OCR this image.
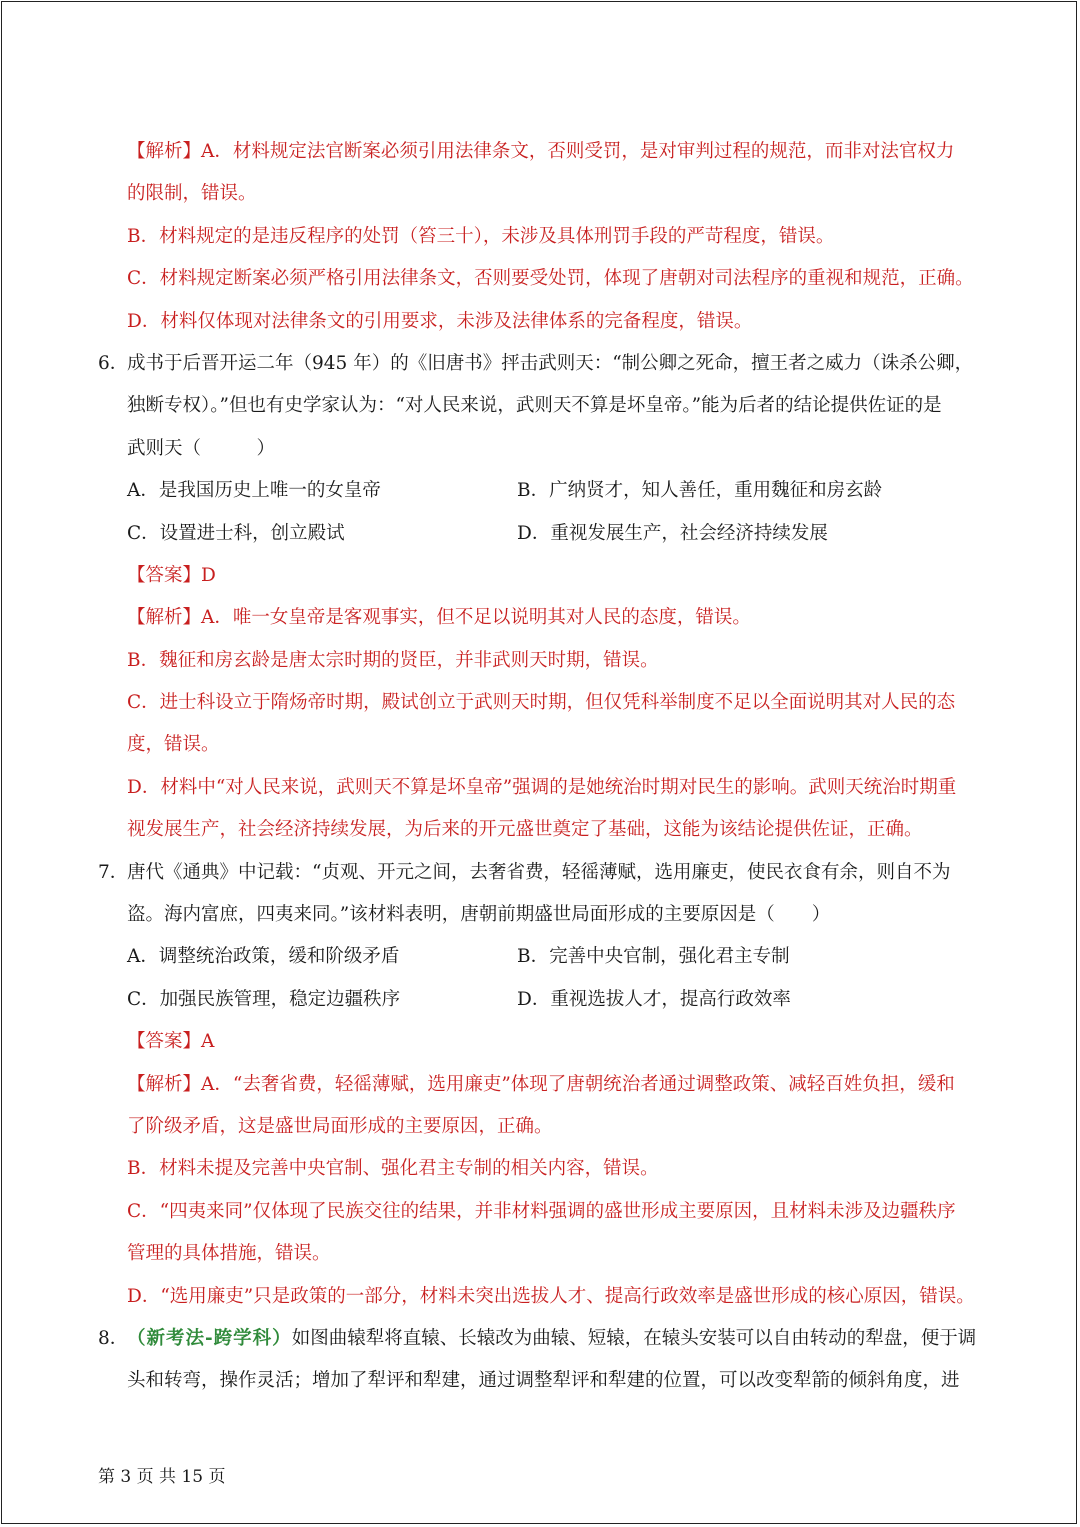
【解析】A．材料规定法官断案必须引用法律条文，否则受罚，是对审判过程的规范，而非对法官权力
的限制，错误。
B．材料规定的是违反程序的处罚（笞三十），未涉及具体刑罚手段的严苛程度，错误。
C．材料规定断案必须严格引用法律条文，否则要受处罚，体现了唐朝对司法程序的重视和规范，正确。
D．材料仅体现对法律条文的引用要求，未涉及法律体系的完备程度，错误。
6．成书于后晋开运二年（945 年）的《旧唐书》抨击武则天：“制公卿之死命，擅王者之威力（诛杀公卿，
独断专权）。”但也有史学家认为：“对人民来说，武则天不算是坏皇帝。”能为后者的结论提供佐证的是
武则天（　　　）
A．是我国历史上唯一的女皇帝	B．广纳贤才，知人善任，重用魏征和房玄龄
C．设置进士科，创立殿试	D．重视发展生产，社会经济持续发展
【答案】D
【解析】A．唯一女皇帝是客观事实，但不足以说明其对人民的态度，错误。
B．魏征和房玄龄是唐太宗时期的贤臣，并非武则天时期，错误。
C．进士科设立于隋炀帝时期，殿试创立于武则天时期，但仅凭科举制度不足以全面说明其对人民的态
度，错误。
D．材料中“对人民来说，武则天不算是坏皇帝”强调的是她统治时期对民生的影响。武则天统治时期重
视发展生产，社会经济持续发展，为后来的开元盛世奠定了基础，这能为该结论提供佐证，正确。
7．唐代《通典》中记载：“贞观、开元之间，去奢省费，轻徭薄赋，选用廉吏，使民衣食有余，则自不为
盗。海内富庶，四夷来同。”该材料表明，唐朝前期盛世局面形成的主要原因是（　　）
A．调整统治政策，缓和阶级矛盾	B．完善中央官制，强化君主专制
C．加强民族管理，稳定边疆秩序	D．重视选拔人才，提高行政效率
【答案】A
【解析】A．“去奢省费，轻徭薄赋，选用廉吏”体现了唐朝统治者通过调整政策、减轻百姓负担，缓和
了阶级矛盾，这是盛世局面形成的主要原因，正确。
B．材料未提及完善中央官制、强化君主专制的相关内容，错误。
C．“四夷来同”仅体现了民族交往的结果，并非材料强调的盛世形成主要原因，且材料未涉及边疆秩序
管理的具体措施，错误。
D．“选用廉吏”只是政策的一部分，材料未突出选拔人才、提高行政效率是盛世形成的核心原因，错误。
8．（新考法-跨学科）如图曲辕犁将直辕、长辕改为曲辕、短辕，在辕头安装可以自由转动的犁盘，便于调
头和转弯，操作灵活；增加了犁评和犁建，通过调整犁评和犁建的位置，可以改变犁箭的倾斜角度，进
第 3 页 共 15 页
